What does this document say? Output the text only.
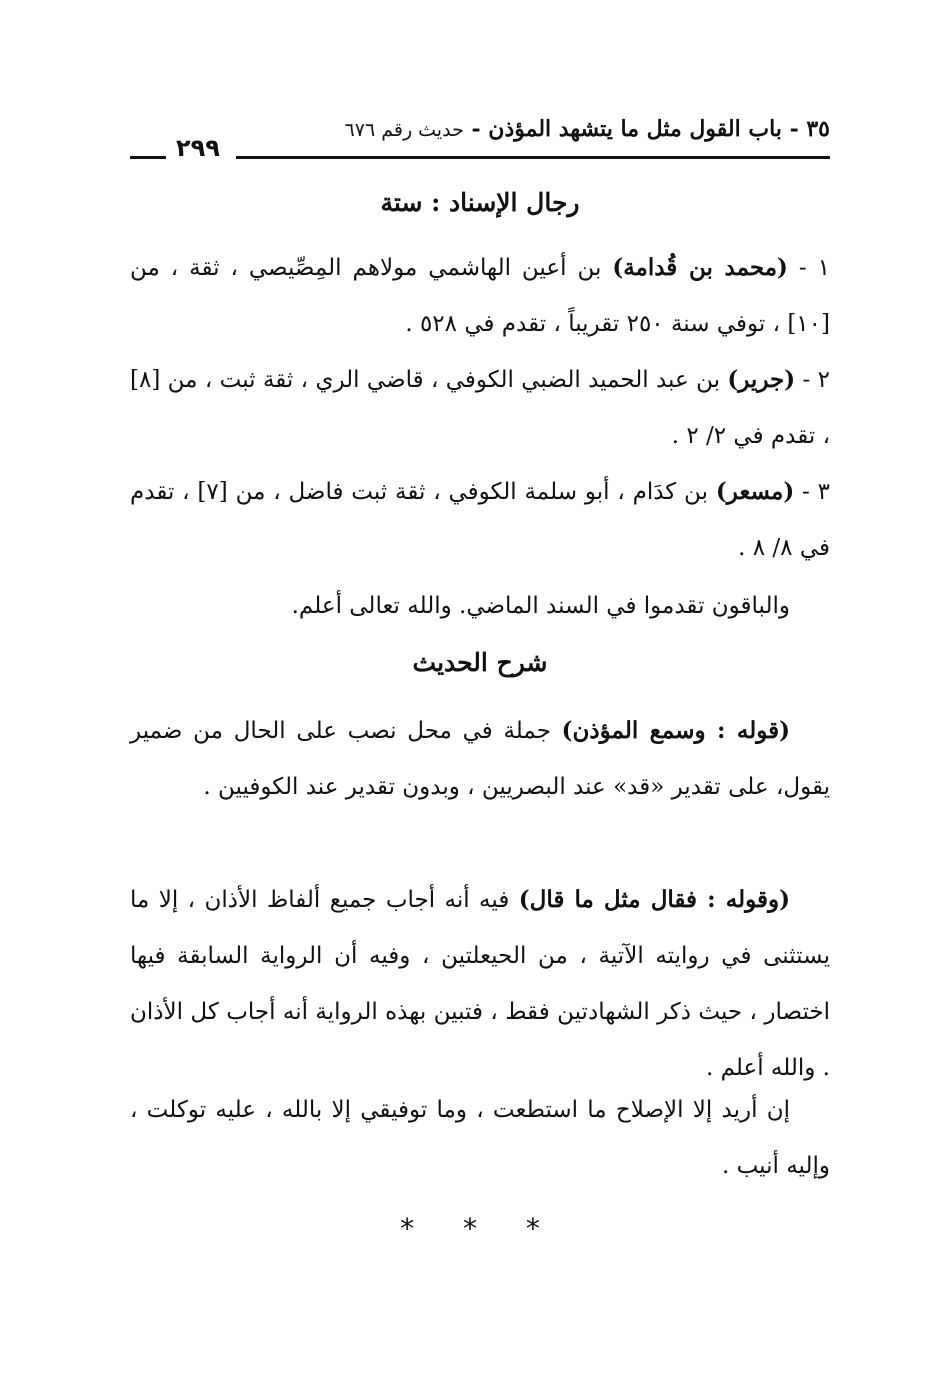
٣٥ - باب القول مثل ما يتشهد المؤذن - حديث رقم ٦٧٦
٢٩٩
رجال الإسناد : ستة
١ - (محمد بن قُدامة) بن أعين الهاشمي مولاهم المِصِّيصي ، ثقة ، من [١٠] ، توفي سنة ٢٥٠ تقريباً ، تقدم في ٥٢٨ .
٢ - (جرير) بن عبد الحميد الضبي الكوفي ، قاضي الري ، ثقة ثبت ، من [٨] ، تقدم في ٢/ ٢ .
٣ - (مسعر) بن كدَام ، أبو سلمة الكوفي ، ثقة ثبت فاضل ، من [٧] ، تقدم في ٨/ ٨ .
والباقون تقدموا في السند الماضي. والله تعالى أعلم.
شرح الحديث
(قوله : وسمع المؤذن) جملة في محل نصب على الحال من ضمير يقول، على تقدير «قد» عند البصريين ، وبدون تقدير عند الكوفيين .
(وقوله : فقال مثل ما قال) فيه أنه أجاب جميع ألفاظ الأذان ، إلا ما يستثنى في روايته الآتية ، من الحيعلتين ، وفيه أن الرواية السابقة فيها اختصار ، حيث ذكر الشهادتين فقط ، فتبين بهذه الرواية أنه أجاب كل الأذان . والله أعلم .
إن أريد إلا الإصلاح ما استطعت ، وما توفيقي إلا بالله ، عليه توكلت ، وإليه أنيب .
* * *
